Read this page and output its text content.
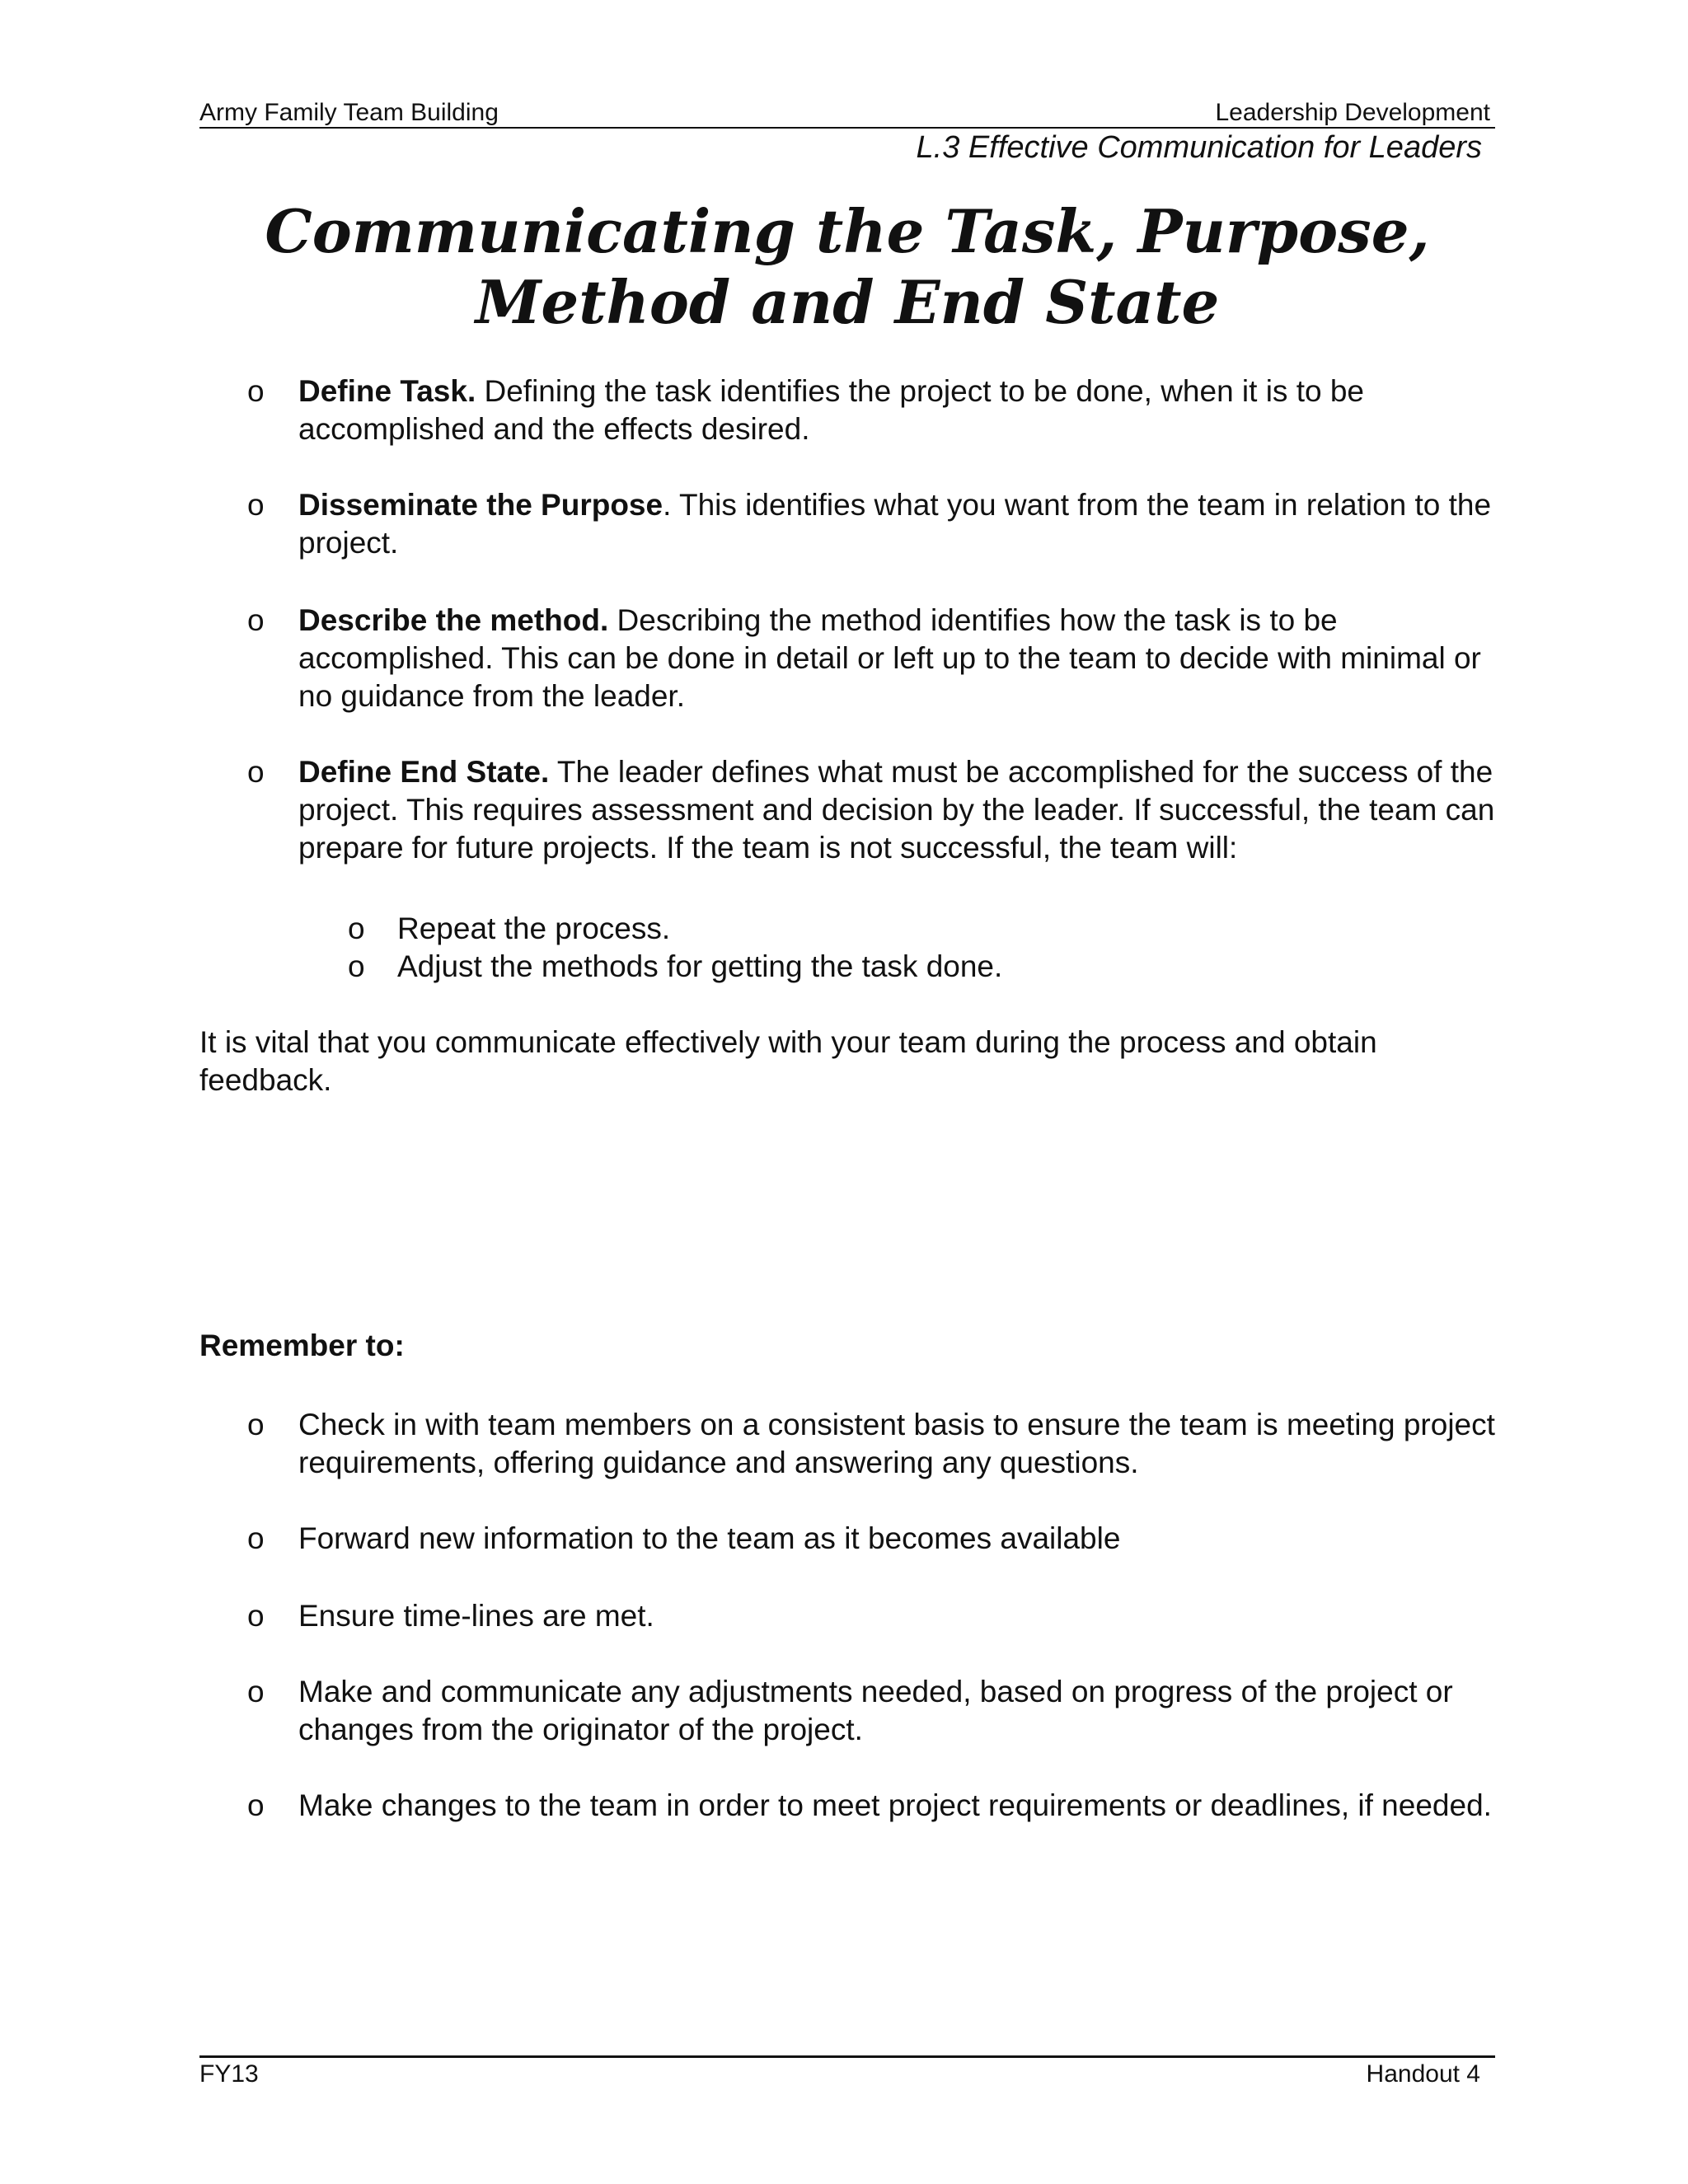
Army Family Team Building	Leadership Development
L.3 Effective Communication for Leaders
Communicating the Task, Purpose,
Method and End State
o Define Task. Defining the task identifies the project to be done, when it is to be accomplished and the effects desired.
o Disseminate the Purpose. This identifies what you want from the team in relation to the project.
o Describe the method. Describing the method identifies how the task is to be accomplished. This can be done in detail or left up to the team to decide with minimal or no guidance from the leader.
o Define End State. The leader defines what must be accomplished for the success of the project. This requires assessment and decision by the leader. If successful, the team can prepare for future projects. If the team is not successful, the team will:
o Repeat the process.
o Adjust the methods for getting the task done.
It is vital that you communicate effectively with your team during the process and obtain feedback.
Remember to:
o Check in with team members on a consistent basis to ensure the team is meeting project requirements, offering guidance and answering any questions.
o Forward new information to the team as it becomes available
o Ensure time-lines are met.
o Make and communicate any adjustments needed, based on progress of the project or changes from the originator of the project.
o Make changes to the team in order to meet project requirements or deadlines, if needed.
FY13	Handout 4
